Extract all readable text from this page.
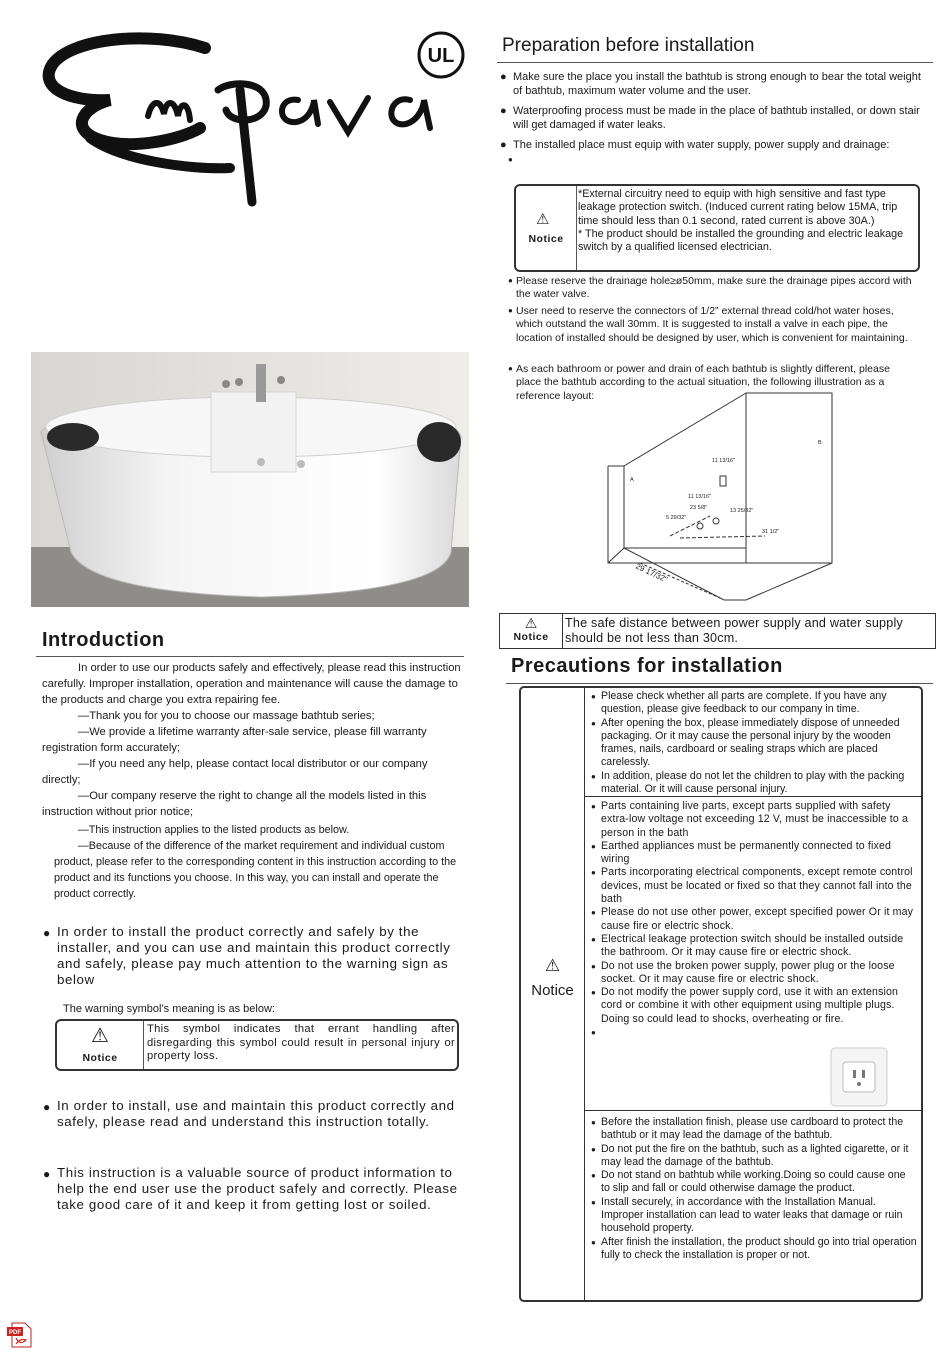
UL	Preparation before installation
● Make sure the place you install the bathtub is strong enough to bear the total weight of bathtub, maximum water volume and the user.
● Waterproofing process must be made in the place of bathtub installed, or down stair will get damaged if water leaks.
● The installed place must equip with water supply, power supply and drainage:
●
⚠
Notice
*External circuitry need to equip with high sensitive and fast type leakage protection switch. (Induced current rating below 15MA, trip time should less than 0.1 second, rated current is above 30A.)
* The product should be installed the grounding and electric leakage switch by a qualified licensed electrician.
● Please reserve the drainage hole≥ø50mm, make sure the drainage pipes accord with the water valve.
● User need to reserve the connectors of 1/2” external thread cold/hot water hoses, which outstand the wall 30mm. It is suggested to install a valve in each pipe, the location of installed should be designed by user, which is convenient for maintaining.
● As each bathroom or power and drain of each bathtub is slightly different, please place the bathtub according to the actual situation, the following illustration as a reference layout:
A
B
11 13/16"
11 13/16"
23 5/8"
5 29/32"
13 25/32"
31 1/2"
29 17/32"
⚠
Notice
The safe distance between power supply and water supply should be not less than 30cm.
Precautions for installation
⚠
Notice
● Please check whether all parts are complete. If you have any question, please give feedback to our company in time.
● After opening the box, please immediately dispose of unneeded packaging. Or it may cause the personal injury by the wooden frames, nails, cardboard or sealing straps which are placed carelessly.
● In addition, please do not let the children to play with the packing material. Or it will cause personal injury.
● Parts containing live parts, except parts supplied with safety extra-low voltage not exceeding 12 V, must be inaccessible to a person in the bath
● Earthed appliances must be permanently connected to fixed wiring
● Parts incorporating electrical components, except remote control devices, must be located or fixed so that they cannot fall into the bath
● Please do not use other power, except specified power Or it may cause fire or electric shock.
● Electrical leakage protection switch should be installed outside the bathroom. Or it may cause fire or electric shock.
● Do not use the broken power supply, power plug or the loose socket. Or it may cause fire or electric shock.
● Do not modify the power supply cord, use it with an extension cord or combine it with other equipment using multiple plugs.
Doing so could lead to shocks, overheating or fire.
●
● Before the installation finish, please use cardboard to protect the bathtub or it may lead the damage of the bathtub.
● Do not put the fire on the bathtub, such as a lighted cigarette, or it may lead the damage of the bathtub.
● Do not stand on bathtub while working.Doing so could cause one to slip and fall or could otherwise damage the product.
● Install securely, in accordance with the Installation Manual. Improper installation can lead to water leaks that damage or ruin household property.
● After finish the installation, the product should go into trial operation fully to check the installation is proper or not.
Introduction

In order to use our products safely and effectively, please read this instruction carefully. Improper installation, operation and maintenance will cause the damage to the products and charge you extra repairing fee.

—Thank you for you to choose our massage bathtub series;

—We provide a lifetime warranty after-sale service, please fill warranty registration form accurately;

—If you need any help, please contact local distributor or our company directly;

—Our company reserve the right to change all the models listed in this instruction without prior notice;

—This instruction applies to the listed products as below.

—Because of the difference of the market requirement and individual custom product, please refer to the corresponding content in this instruction according to the product and its functions you choose. In this way, you can install and operate the product correctly.

● In order to install the product correctly and safely by the installer, and you can use and maintain this product correctly and safely, please pay much attention to the warning sign as below
The warning symbol’s meaning is as below:
⚠
Notice
This symbol indicates that errant handling after disregarding this symbol could result in personal injury or property loss.
● In order to install, use and maintain this product correctly and safely, please read and understand this instruction totally.
● This instruction is a valuable source of product information to help the end user use the product safely and correctly. Please take good care of it and keep it from getting lost or soiled.
PDF
